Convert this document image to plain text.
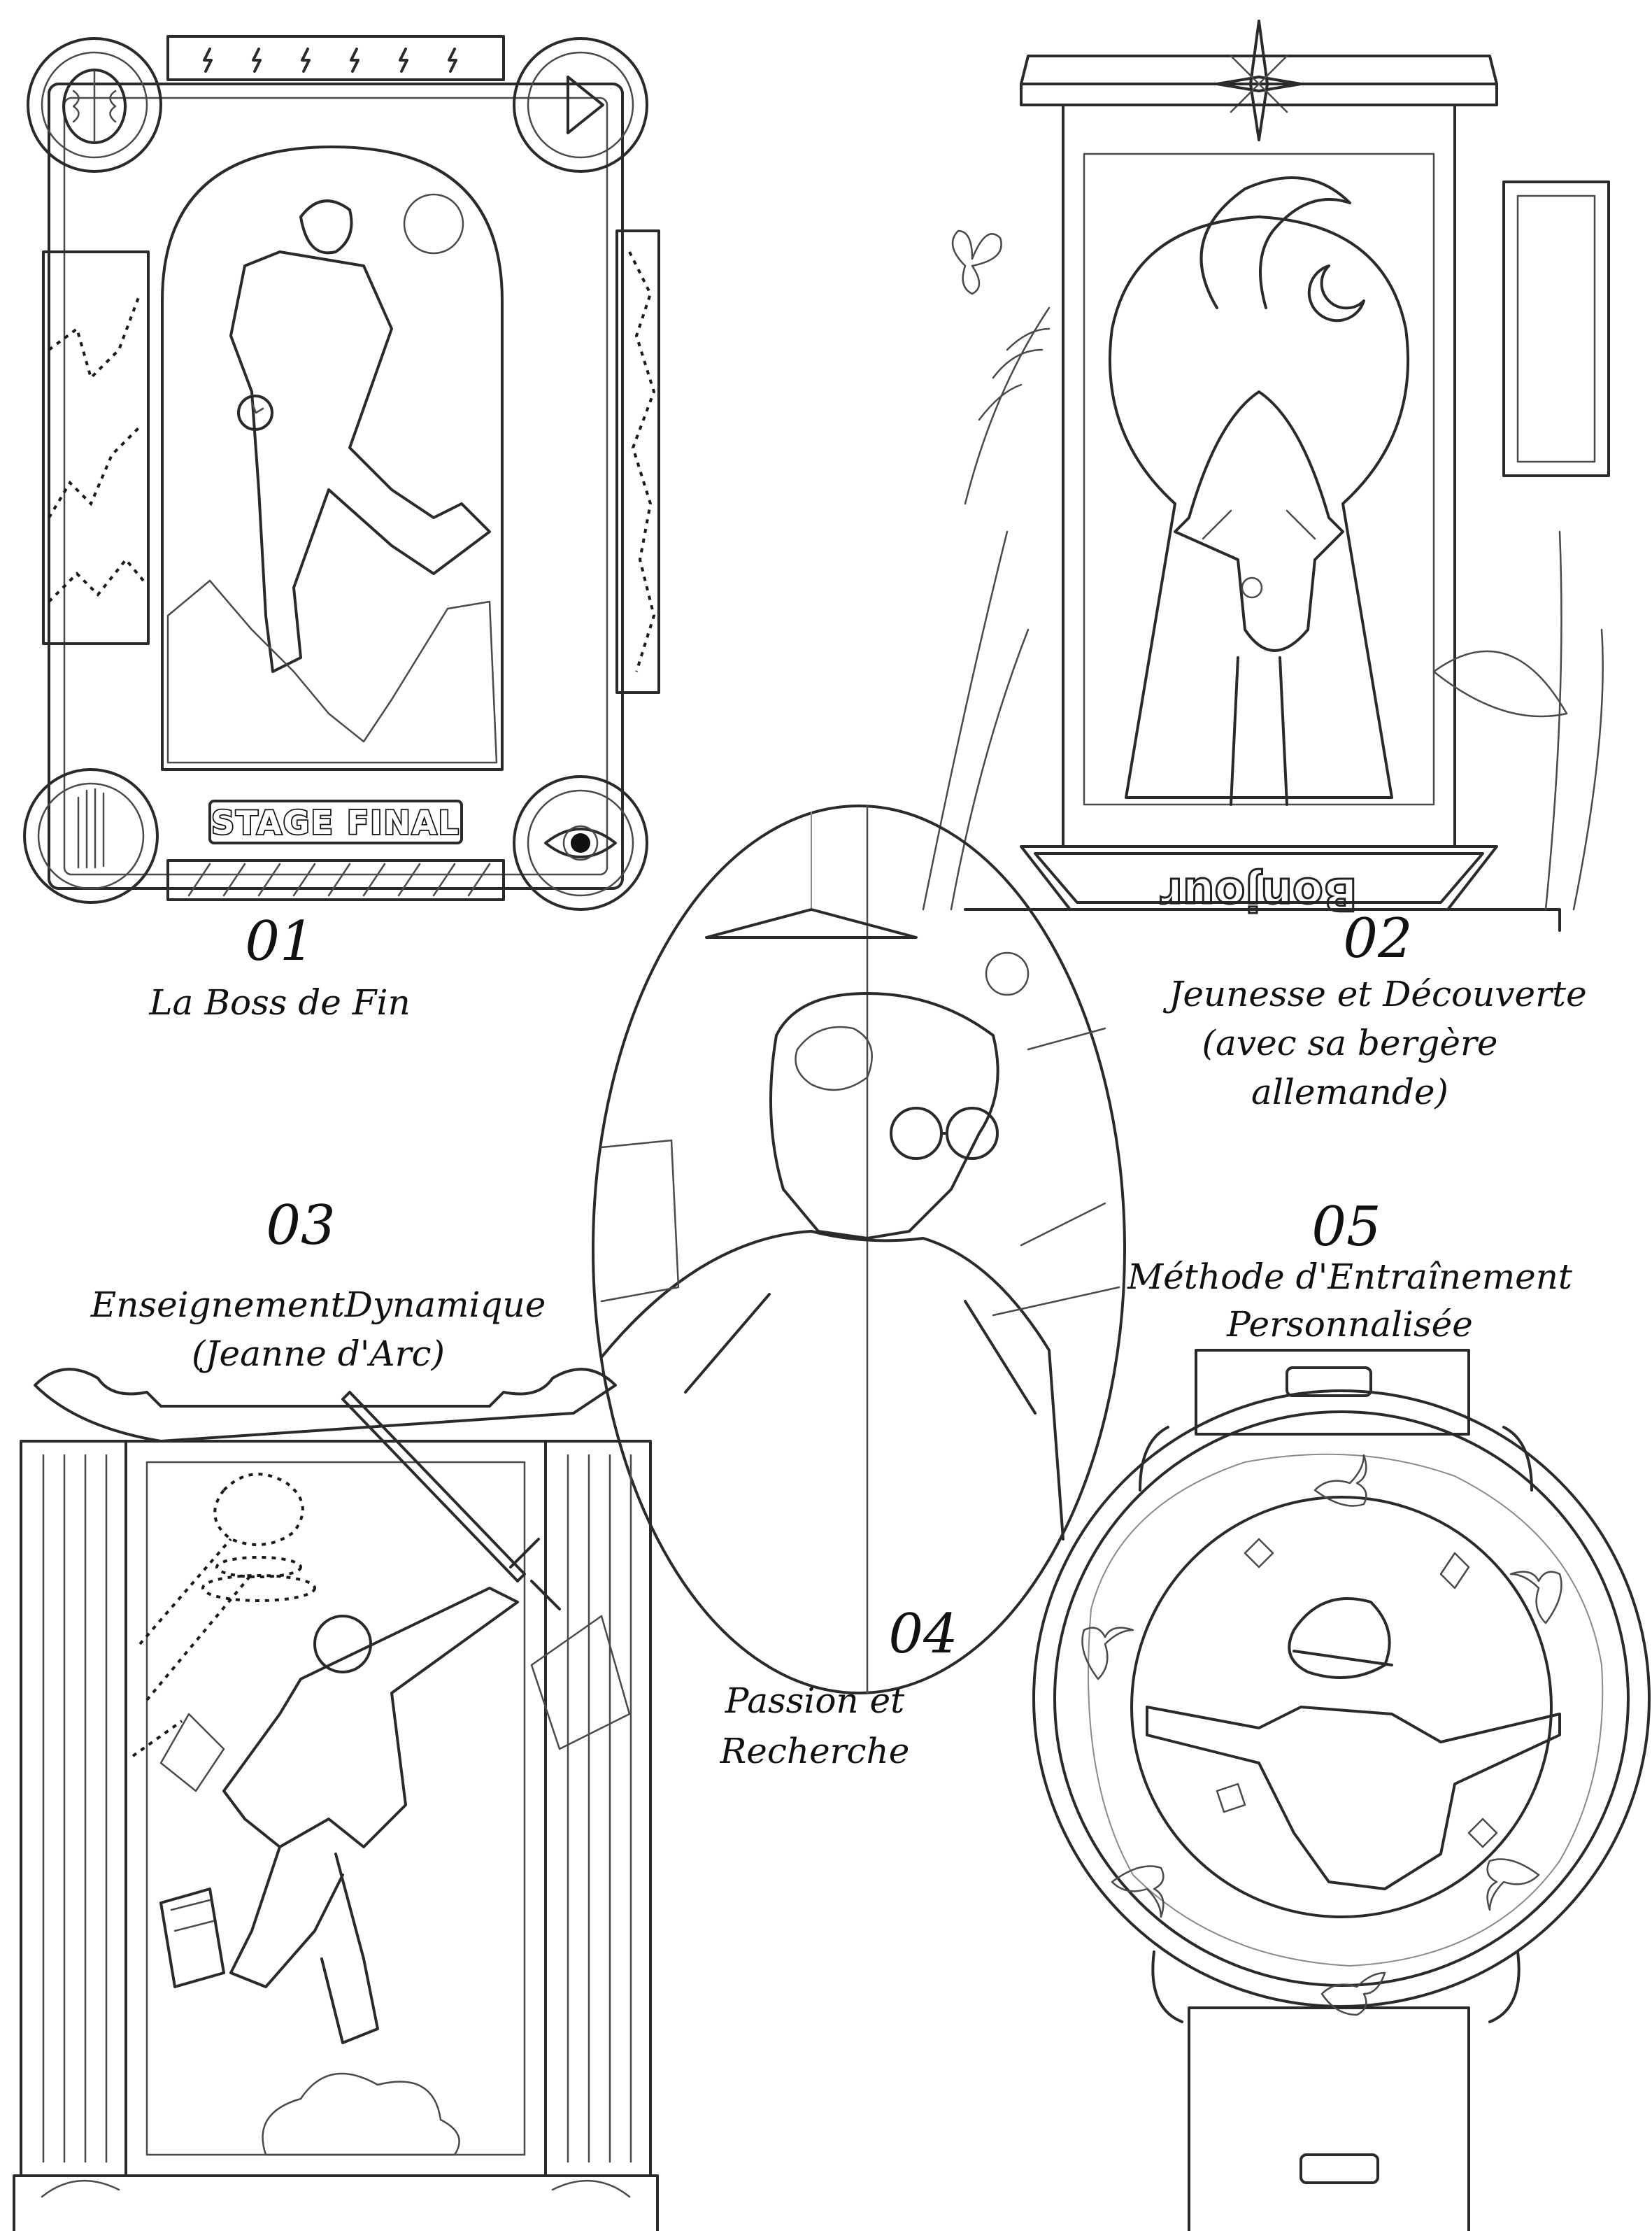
STAGE FINAL
01
La Boss de Fin
Bonjour
02
Jeunesse et Découverte
(avec sa bergère
allemande)
04
Passion et
Recherche
03
EnseignementDynamique
(Jeanne d'Arc)
05
Méthode d'Entraînement
Personnalisée
